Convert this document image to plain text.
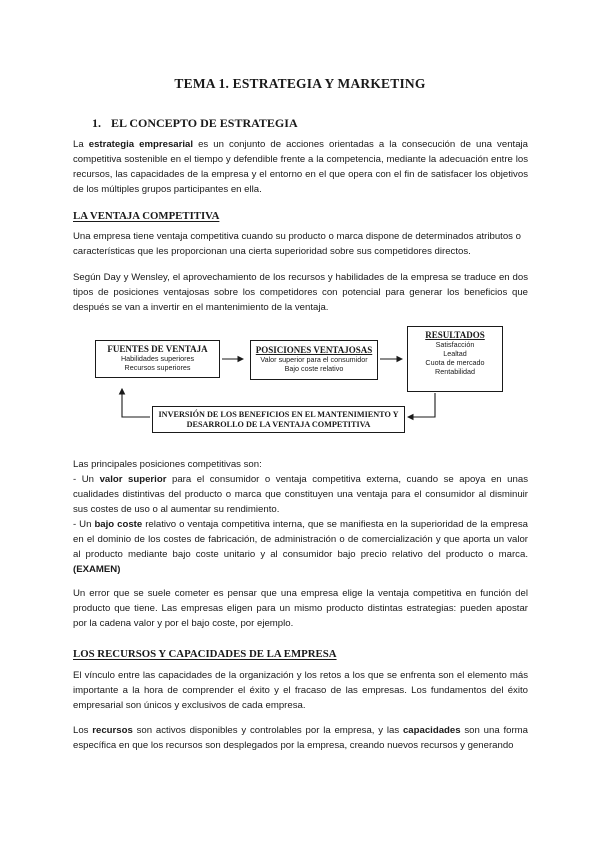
TEMA 1. ESTRATEGIA Y MARKETING
1. EL CONCEPTO DE ESTRATEGIA
La estrategia empresarial es un conjunto de acciones orientadas a la consecución de una ventaja competitiva sostenible en el tiempo y defendible frente a la competencia, mediante la adecuación entre los recursos, las capacidades de la empresa y el entorno en el que opera con el fin de satisfacer los objetivos de los múltiples grupos participantes en ella.
LA VENTAJA COMPETITIVA
Una empresa tiene ventaja competitiva cuando su producto o marca dispone de determinados atributos o características que les proporcionan una cierta superioridad sobre sus competidores directos.
Según Day y Wensley, el aprovechamiento de los recursos y habilidades de la empresa se traduce en dos tipos de posiciones ventajosas sobre los competidores con potencial para generar los beneficios que después se van a invertir en el mantenimiento de la ventaja.
FUENTES DE VENTAJA
Habilidades superiores
Recursos superiores
POSICIONES VENTAJOSAS
Valor superior para el consumidor
Bajo coste relativo
RESULTADOS
Satisfacción
Lealtad
Cuota de mercado
Rentabilidad
INVERSIÓN DE LOS BENEFICIOS EN EL MANTENIMIENTO Y
DESARROLLO DE LA VENTAJA COMPETITIVA
Las principales posiciones competitivas son:
- Un valor superior para el consumidor o ventaja competitiva externa, cuando se apoya en unas cualidades distintivas del producto o marca que constituyen una ventaja para el consumidor al disminuir sus costes de uso o al aumentar su rendimiento.
- Un bajo coste relativo o ventaja competitiva interna, que se manifiesta en la superioridad de la empresa en el dominio de los costes de fabricación, de administración o de comercialización y que aporta un valor al producto mediante bajo coste unitario y al consumidor bajo precio relativo del producto o marca. (EXAMEN)
Un error que se suele cometer es pensar que una empresa elige la ventaja competitiva en función del producto que tiene. Las empresas eligen para un mismo producto distintas estrategias: pueden apostar por la cadena valor y por el bajo coste, por ejemplo.
LOS RECURSOS Y CAPACIDADES DE LA EMPRESA
El vínculo entre las capacidades de la organización y los retos a los que se enfrenta son el elemento más importante a la hora de comprender el éxito y el fracaso de las empresas. Los fundamentos del éxito empresarial son únicos y exclusivos de cada empresa.
Los recursos son activos disponibles y controlables por la empresa, y las capacidades son una forma específica en que los recursos son desplegados por la empresa, creando nuevos recursos y generando
